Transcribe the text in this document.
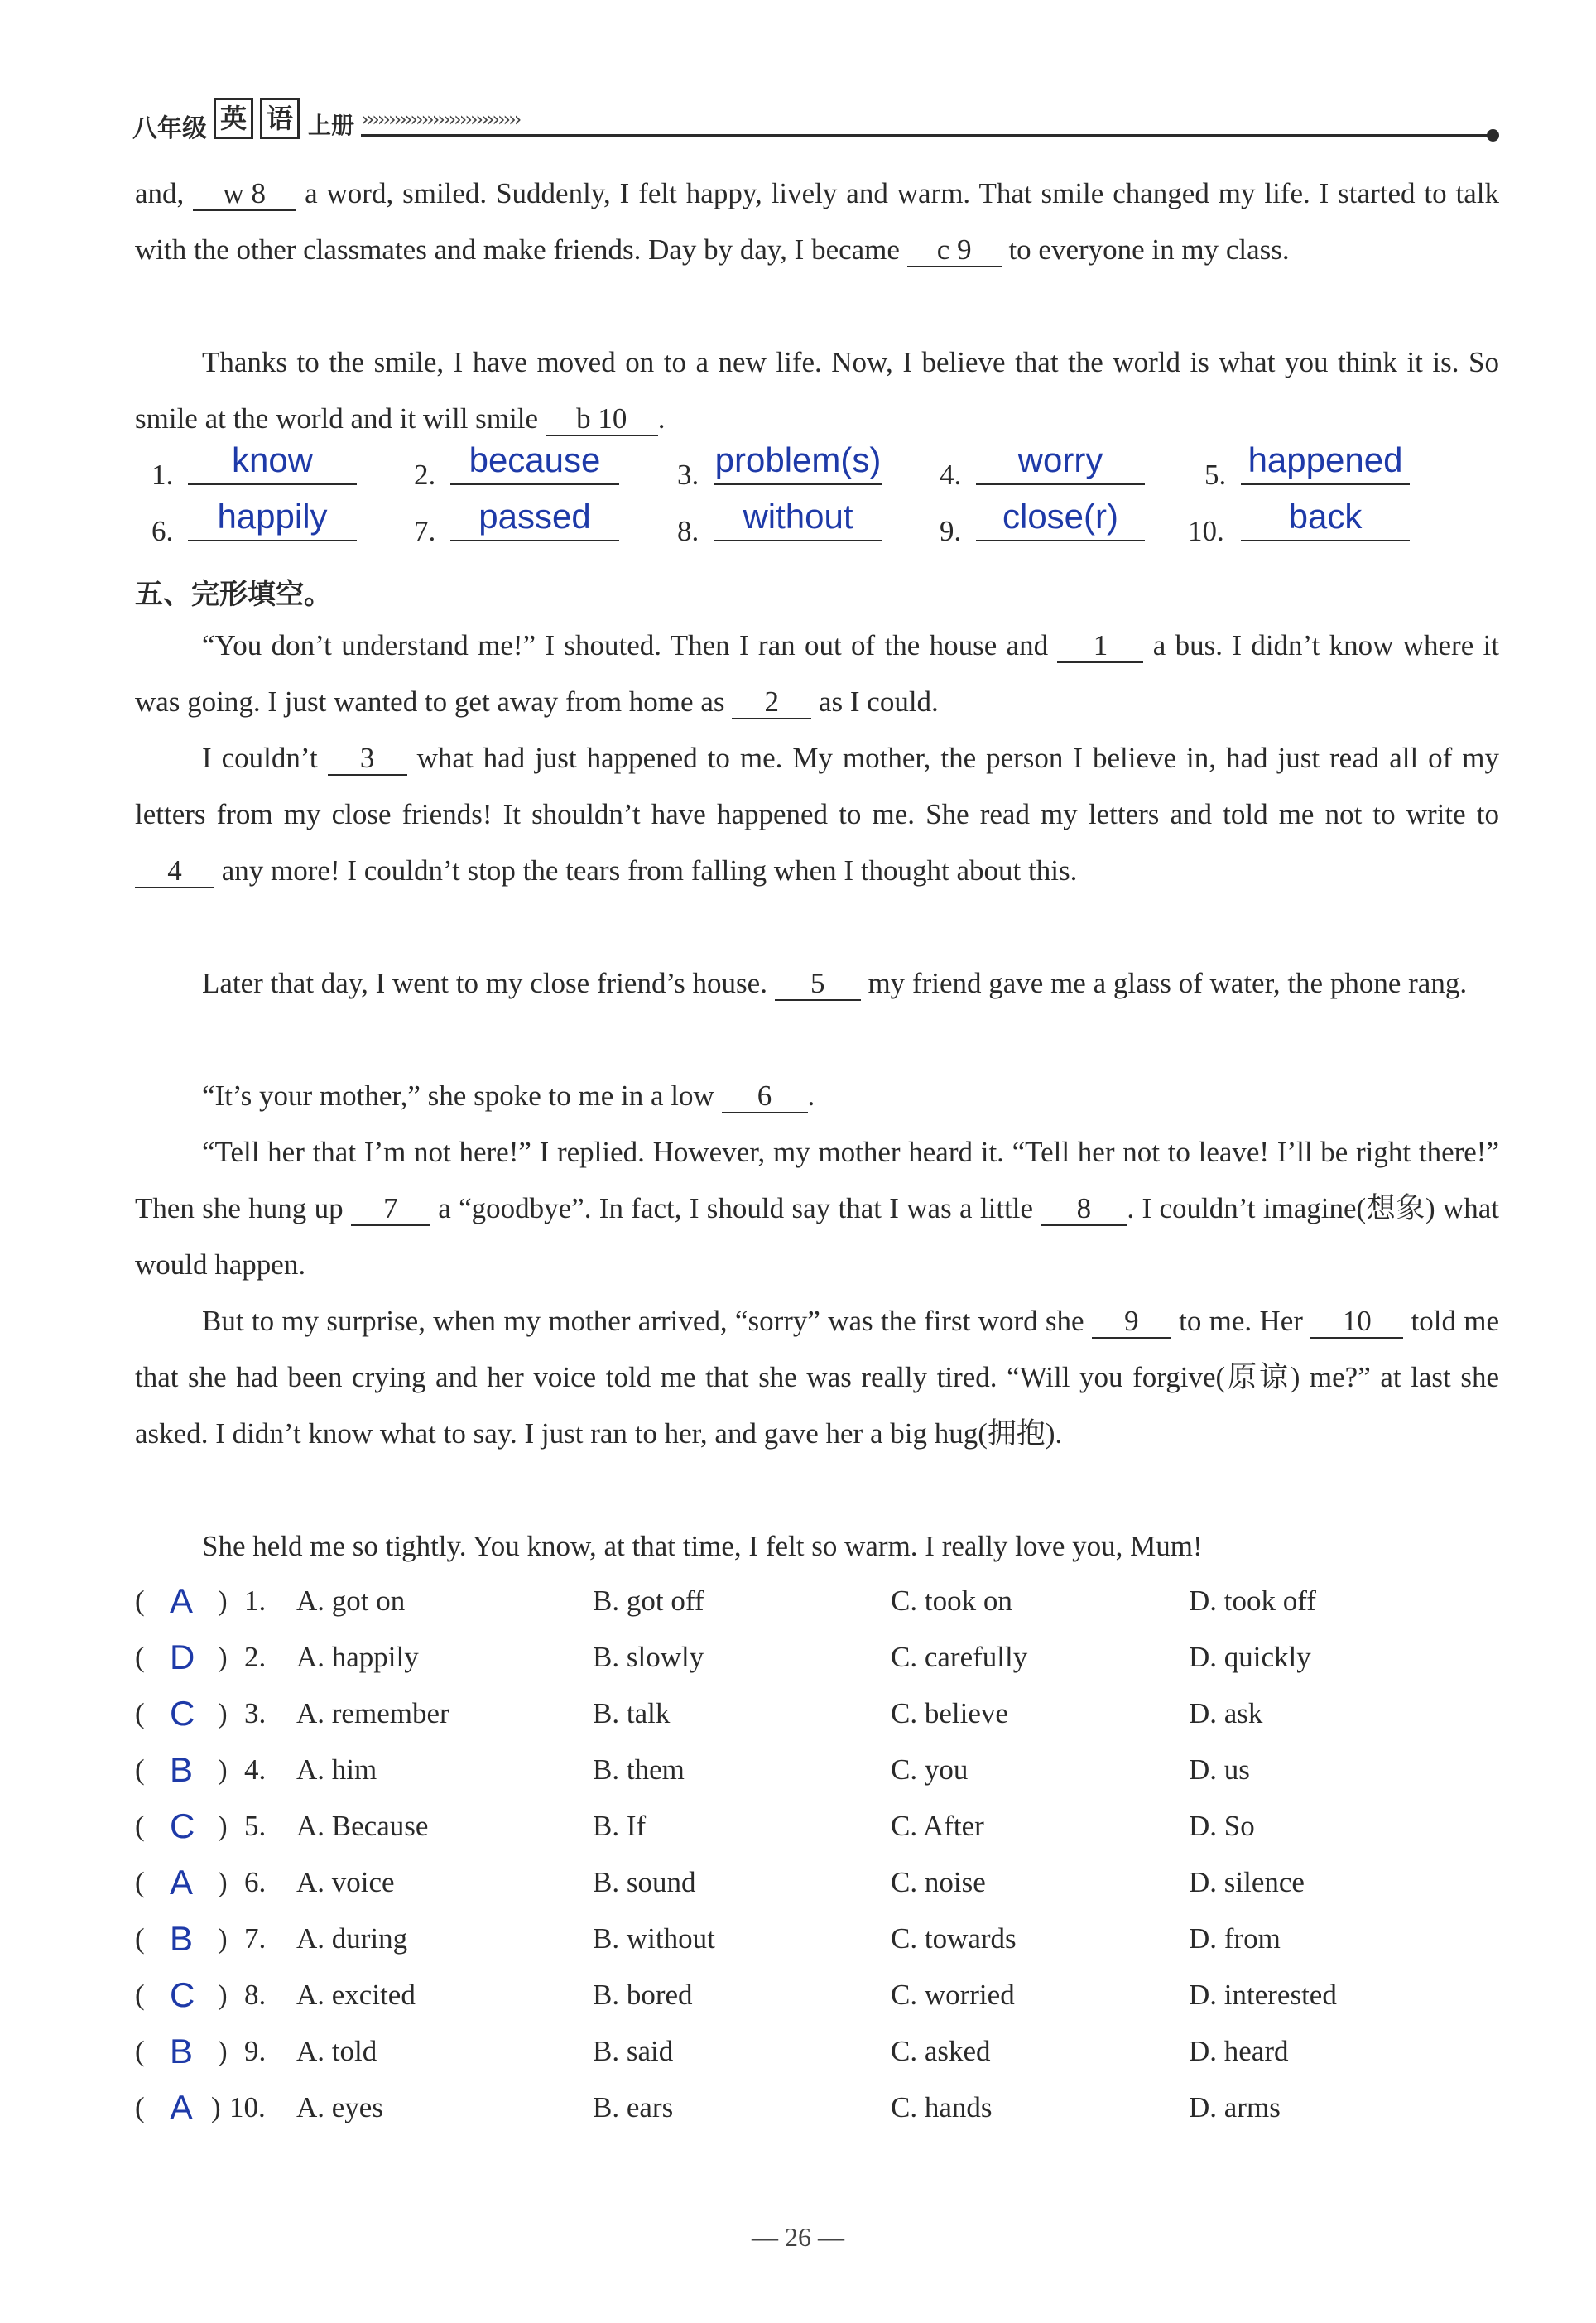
八年级 英 语 上册 ›››››››››››››››››››››››››››››

and, w 8 a word, smiled. Suddenly, I felt happy, lively and warm. That smile changed my life. I started to talk with the other classmates and make friends. Day by day, I became c 9 to everyone in my class.

Thanks to the smile, I have moved on to a new life. Now, I believe that the world is what you think it is. So smile at the world and it will smile b 10 .

1.	know	2. because	3. problem(s) 4.	worry	5. happened
6.	happily	7.	passed	8.	without	9.	close(r)	10.	back
五、完形填空。

“You don’t understand me!” I shouted. Then I ran out of the house and 1 a bus. I didn’t know where it was going. I just wanted to get away from home as 2 as I could.

I couldn’t 3 what had just happened to me. My mother, the person I believe in, had just read all of my letters from my close friends! It shouldn’t have happened to me. She read my letters and told me not to write to 4 any more! I couldn’t stop the tears from falling when I thought about this.

Later that day, I went to my close friend’s house. 5 my friend gave me a glass of water, the phone rang.

“It’s your mother,” she spoke to me in a low 6 .

“Tell her that I’m not here!” I replied. However, my mother heard it. “Tell her not to leave! I’ll be right there!” Then she hung up 7 a “goodbye”. In fact, I should say that I was a little 8 . I couldn’t imagine(想象) what would happen.

But to my surprise, when my mother arrived, “sorry” was the first word she 9 to me. Her 10 told me that she had been crying and her voice told me that she was really tired. “Will you forgive(原谅) me?” at last she asked. I didn’t know what to say. I just ran to her, and gave her a big hug(拥抱).

She held me so tightly. You know, at that time, I felt so warm. I really love you, Mum!

( A ) 1. A. got on	B. got off	C. took on	D. took off
( D ) 2. A. happily	B. slowly	C. carefully	D. quickly
( C ) 3. A. remember	B. talk	C. believe	D. ask
( B ) 4. A. him	B. them	C. you	D. us
( C ) 5. A. Because	B. If	C. After	D. So
( A ) 6. A. voice	B. sound	C. noise	D. silence
( B ) 7. A. during	B. without	C. towards	D. from
( C ) 8. A. excited	B. bored	C. worried	D. interested
( B ) 9. A. told	B. said	C. asked	D. heard
( A ) 10. A. eyes	B. ears	C. hands	D. arms
— 26 —
